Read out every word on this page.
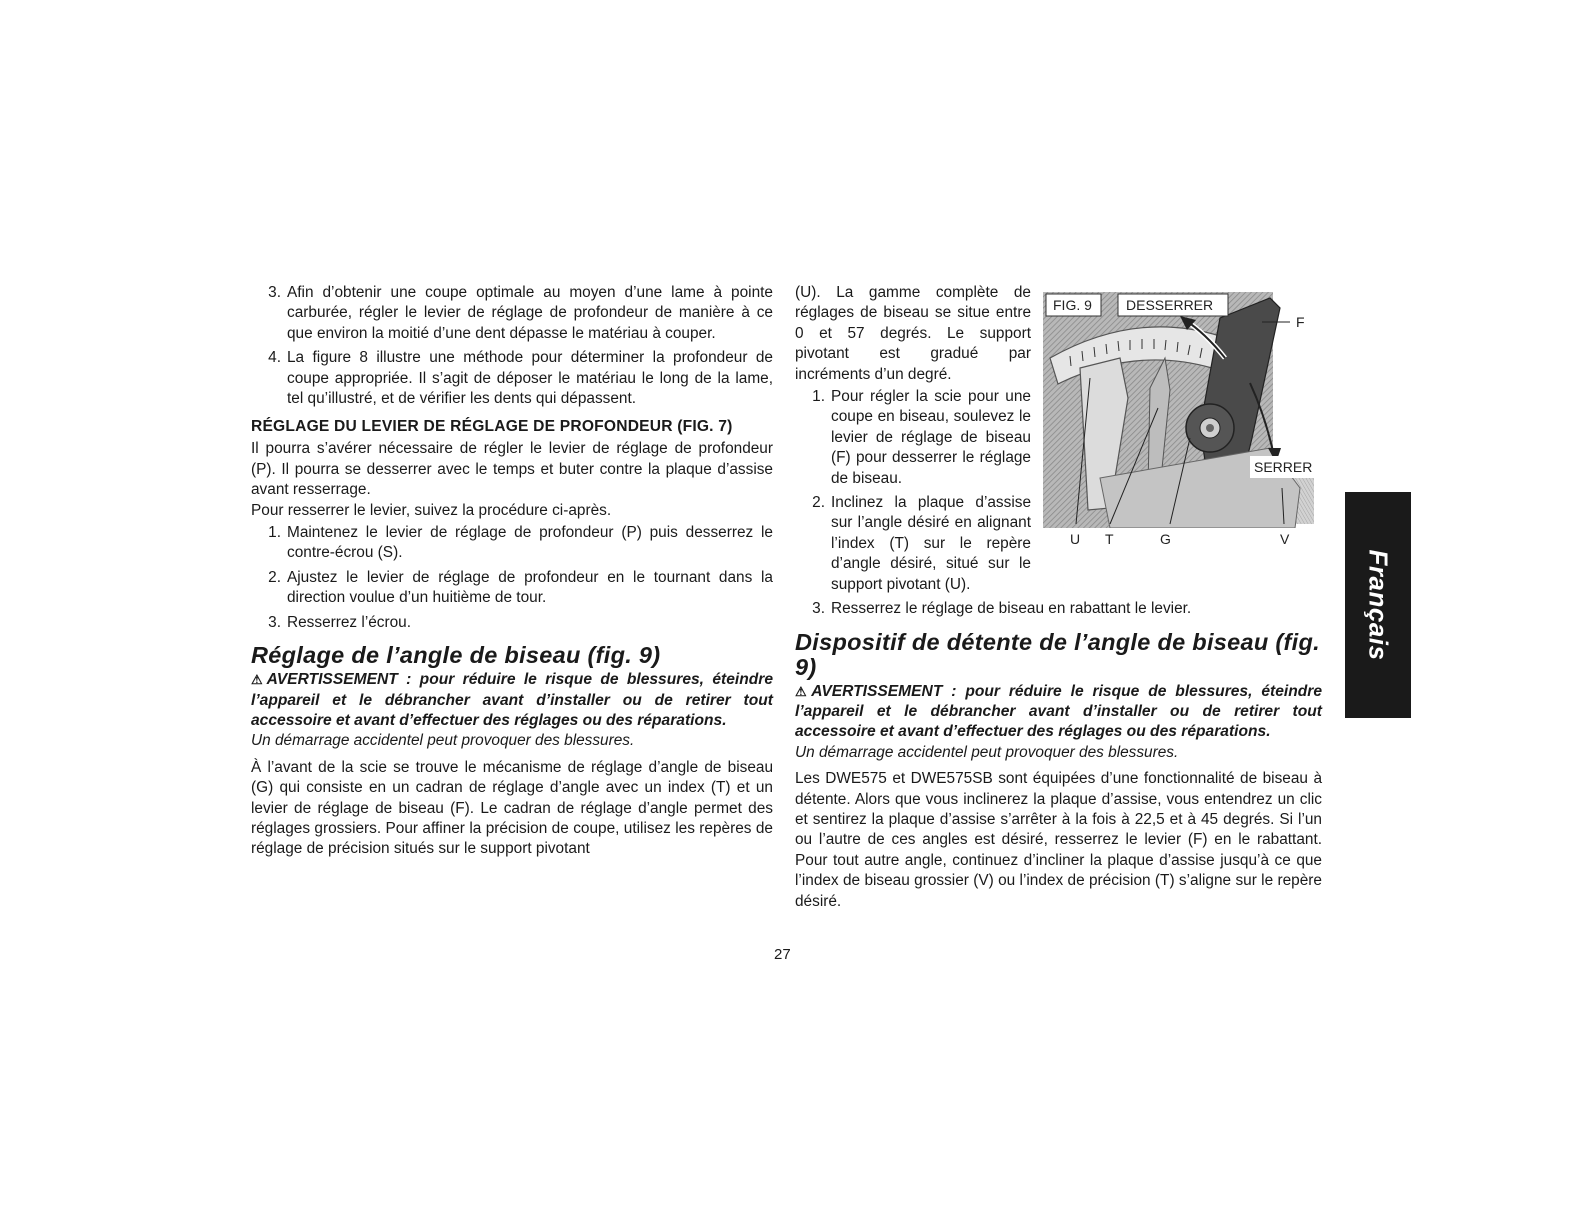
3. Afin d’obtenir une coupe optimale au moyen d’une lame à pointe carburée, régler le levier de réglage de profondeur de manière à ce que environ la moitié d’une dent dépasse le matériau à couper.
4. La figure 8 illustre une méthode pour déterminer la profondeur de coupe appropriée. Il s’agit de déposer le matériau le long de la lame, tel qu’illustré, et de vérifier les dents qui dépassent.
RÉGLAGE DU LEVIER DE RÉGLAGE DE PROFONDEUR (FIG. 7)

Il pourra s’avérer nécessaire de régler le levier de réglage de profondeur (P). Il pourra se desserrer avec le temps et buter contre la plaque d’assise avant resserrage.

Pour resserrer le levier, suivez la procédure ci-après.

1. Maintenez le levier de réglage de profondeur (P) puis desserrez le contre-écrou (S).
2. Ajustez le levier de réglage de profondeur en le tournant dans la direction voulue d’un huitième de tour.
3. Resserrez l’écrou.
Réglage de l’angle de biseau (fig. 9)

⚠AVERTISSEMENT : pour réduire le risque de blessures, éteindre l’appareil et le débrancher avant d’installer ou de retirer tout accessoire et avant d’effectuer des réglages ou des réparations.

Un démarrage accidentel peut provoquer des blessures.

À l’avant de la scie se trouve le mécanisme de réglage d’angle de biseau (G) qui consiste en un cadran de réglage d’angle avec un index (T) et un levier de réglage de biseau (F). Le cadran de réglage d’angle permet des réglages grossiers. Pour affiner la précision de coupe, utilisez les repères de réglage de précision situés sur le support pivotant

(U). La gamme complète de réglages de biseau se situe entre 0 et 57 degrés. Le support pivotant est gradué par incréments d’un degré.

1. Pour régler la scie pour une coupe en biseau, soulevez le levier de réglage de biseau (F) pour desserrer le réglage de biseau.
2. Inclinez la plaque d’assise sur l’angle désiré en alignant l’index (T) sur le repère d’angle désiré, situé sur le support pivotant (U).
3. Resserrez le réglage de biseau en rabattant le levier.
Dispositif de détente de l’angle de biseau (fig. 9)

⚠AVERTISSEMENT : pour réduire le risque de blessures, éteindre l’appareil et le débrancher avant d’installer ou de retirer tout accessoire et avant d’effectuer des réglages ou des réparations.

Un démarrage accidentel peut provoquer des blessures.

Les DWE575 et DWE575SB sont équipées d’une fonctionnalité de biseau à détente. Alors que vous inclinerez la plaque d’assise, vous entendrez un clic et sentirez la plaque d’assise s’arrêter à la fois à 22,5 et à 45 degrés. Si l’un ou l’autre de ces angles est désiré, resserrez le levier (F) en le rabattant. Pour tout autre angle, continuez d’incliner la plaque d’assise jusqu’à ce que l’index de biseau grossier (V) ou l’index de précision (T) s’aligne sur le repère désiré.

FIG. 9 DESSERRER
SERRER
F
U T	G	V
27
Français
